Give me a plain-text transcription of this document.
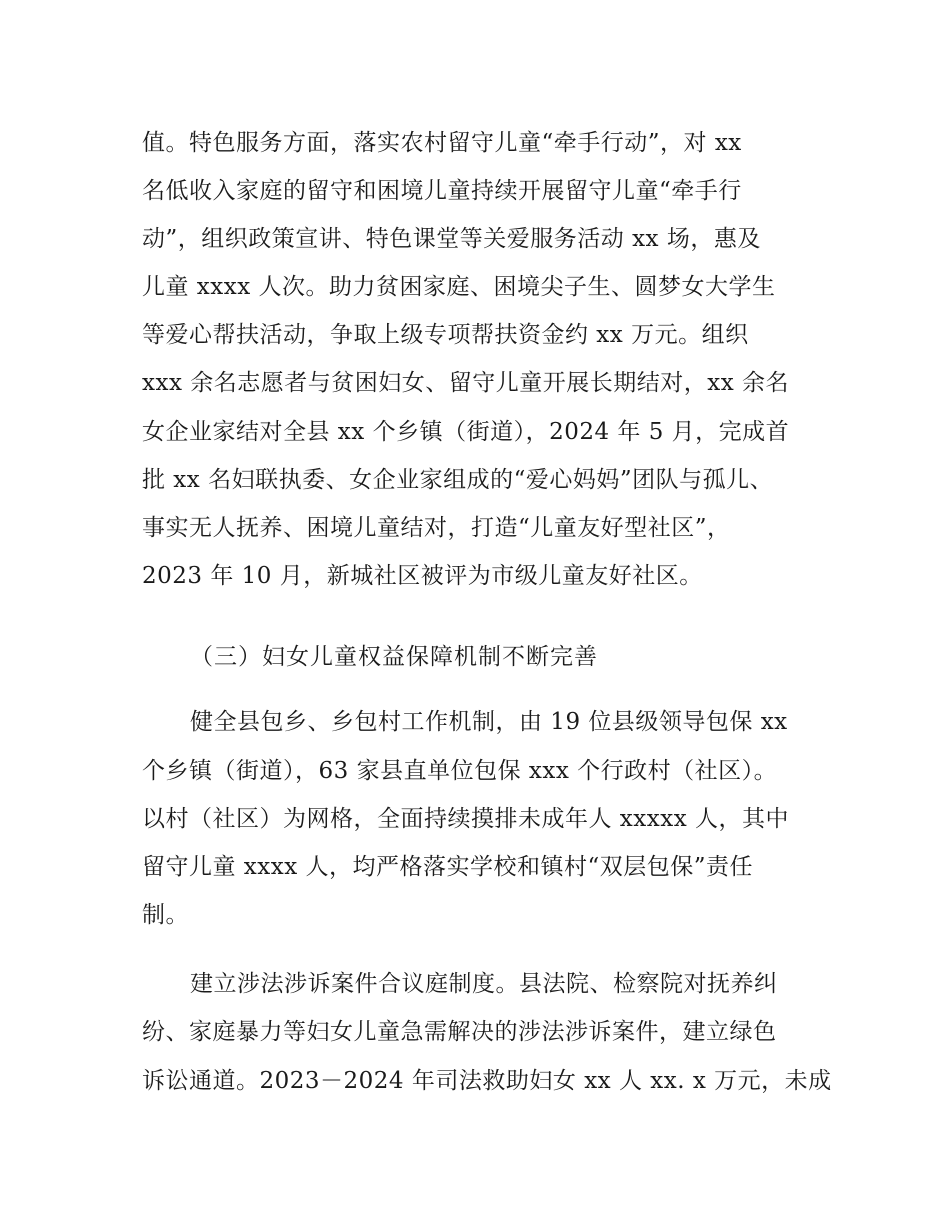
值。特色服务方面，落实农村留守儿童“牵手行动”，对 xx
名低收入家庭的留守和困境儿童持续开展留守儿童“牵手行
动”，组织政策宣讲、特色课堂等关爱服务活动 xx 场，惠及
儿童 xxxx 人次。助力贫困家庭、困境尖子生、圆梦女大学生
等爱心帮扶活动，争取上级专项帮扶资金约 xx 万元。组织
xxx 余名志愿者与贫困妇女、留守儿童开展长期结对，xx 余名
女企业家结对全县 xx 个乡镇（街道），2024 年 5 月，完成首
批 xx 名妇联执委、女企业家组成的“爱心妈妈”团队与孤儿、
事实无人抚养、困境儿童结对，打造“儿童友好型社区”，
2023 年 10 月，新城社区被评为市级儿童友好社区。
（三）妇女儿童权益保障机制不断完善
健全县包乡、乡包村工作机制，由 19 位县级领导包保 xx
个乡镇（街道），63 家县直单位包保 xxx 个行政村（社区）。
以村（社区）为网格，全面持续摸排未成年人 xxxxx 人，其中
留守儿童 xxxx 人，均严格落实学校和镇村“双层包保”责任
制。
建立涉法涉诉案件合议庭制度。县法院、检察院对抚养纠
纷、家庭暴力等妇女儿童急需解决的涉法涉诉案件，建立绿色
诉讼通道。2023－2024 年司法救助妇女 xx 人 xx. x 万元，未成
